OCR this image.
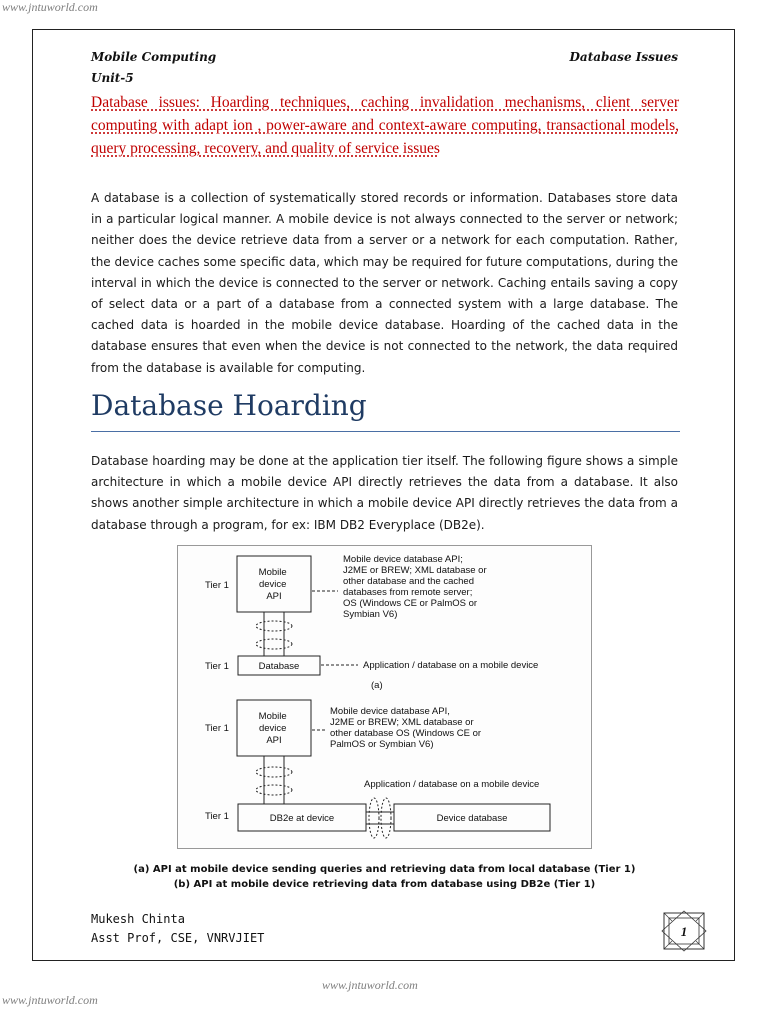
www.jntuworld.com
www.jntuworld.com
www.jntuworld.com
Mobile Computing	Database Issues
Unit-5
Database issues: Hoarding techniques, caching invalidation mechanisms, client server computing with adapt ion , power-aware and context-aware computing, transactional models, query processing, recovery, and quality of service issues
A database is a collection of systematically stored records or information. Databases store data in a particular logical manner. A mobile device is not always connected to the server or network; neither does the device retrieve data from a server or a network for each computation. Rather, the device caches some specific data, which may be required for future computations, during the interval in which the device is connected to the server or network. Caching entails saving a copy of select data or a part of a database from a connected system with a large database. The cached data is hoarded in the mobile device database. Hoarding of the cached data in the database ensures that even when the device is not connected to the network, the data required from the database is available for computing.
Database Hoarding
Database hoarding may be done at the application tier itself. The following figure shows a simple architecture in which a mobile device API directly retrieves the data from a database. It also shows another simple architecture in which a mobile device API directly retrieves the data from a database through a program, for ex: IBM DB2 Everyplace (DB2e).
Tier 1
Mobile device API
Mobile device database API; J2ME or BREW; XML database or other database and the cached databases from remote server; OS (Windows CE or PalmOS or Symbian V6)
Tier 1	Database	Application / database on a mobile device
(a)
Tier 1
Mobile device API
Mobile device database API, J2ME or BREW; XML database or other database OS (Windows CE or PalmOS or Symbian V6)
Application / database on a mobile device
Tier 1	DB2e at device	Device database
(a) API at mobile device sending queries and retrieving data from local database (Tier 1)
(b) API at mobile device retrieving data from database using DB2e (Tier 1)
Mukesh Chinta
Asst Prof, CSE, VNRVJIET	1
